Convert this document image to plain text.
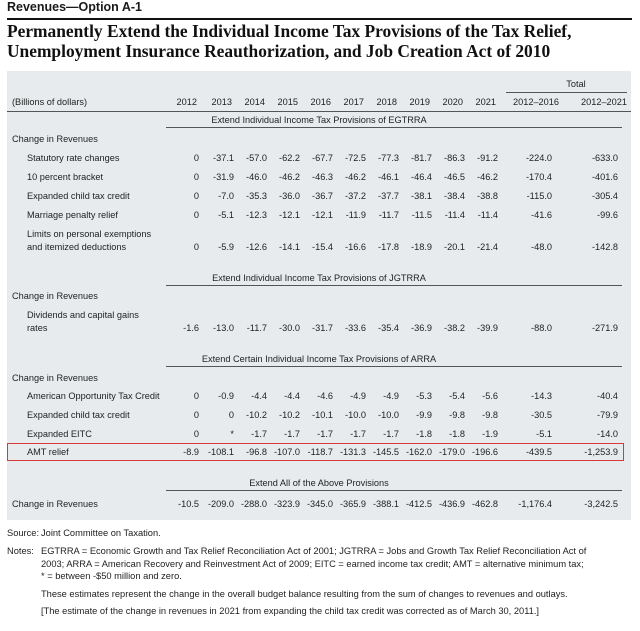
Revenues—Option A-1
Permanently Extend the Individual Income Tax Provisions of the Tax Relief,
Unemployment Insurance Reauthorization, and Job Creation Act of 2010
Total
(Billions of dollars)	2012	2013	2014	2015	2016	2017	2018	2019	2020	2021	2012–2016	2012–2021
Extend Individual Income Tax Provisions of EGTRRA
Change in Revenues
Statutory rate changes	0	-37.1	-57.0	-62.2	-67.7	-72.5	-77.3	-81.7	-86.3	-91.2	-224.0	-633.0
10 percent bracket	0	-31.9	-46.0	-46.2	-46.3	-46.2	-46.1	-46.4	-46.5	-46.2	-170.4	-401.6
Expanded child tax credit	0	-7.0	-35.3	-36.0	-36.7	-37.2	-37.7	-38.1	-38.4	-38.8	-115.0	-305.4
Marriage penalty relief	0	-5.1	-12.3	-12.1	-12.1	-11.9	-11.7	-11.5	-11.4	-11.4	-41.6	-99.6
Limits on personal exemptions
and itemized deductions	0	-5.9	-12.6	-14.1	-15.4	-16.6	-17.8	-18.9	-20.1	-21.4	-48.0	-142.8
Extend Individual Income Tax Provisions of JGTRRA
Change in Revenues
Dividends and capital gains
rates	-1.6	-13.0	-11.7	-30.0	-31.7	-33.6	-35.4	-36.9	-38.2	-39.9	-88.0	-271.9
Extend Certain Individual Income Tax Provisions of ARRA
Change in Revenues
American Opportunity Tax Credit	0	-0.9	-4.4	-4.4	-4.6	-4.9	-4.9	-5.3	-5.4	-5.6	-14.3	-40.4
Expanded child tax credit	0	0	-10.2	-10.2	-10.1	-10.0	-10.0	-9.9	-9.8	-9.8	-30.5	-79.9
Expanded EITC	0	*	-1.7	-1.7	-1.7	-1.7	-1.7	-1.8	-1.8	-1.9	-5.1	-14.0
AMT relief	-8.9 -108.1	-96.8 -107.0 -118.7 -131.3 -145.5 -162.0 -179.0 -196.6	-439.5	-1,253.9
Extend All of the Above Provisions
Change in Revenues	-10.5 -209.0 -288.0 -323.9 -345.0 -365.9 -388.1 -412.5 -436.9 -462.8	-1,176.4	-3,242.5
Source: Joint Committee on Taxation.
Notes: EGTRRA = Economic Growth and Tax Relief Reconciliation Act of 2001; JGTRRA = Jobs and Growth Tax Relief Reconciliation Act of
2003; ARRA = American Recovery and Reinvestment Act of 2009; EITC = earned income tax credit; AMT = alternative minimum tax;
* = between -$50 million and zero.
These estimates represent the change in the overall budget balance resulting from the sum of changes to revenues and outlays.
[The estimate of the change in revenues in 2021 from expanding the child tax credit was corrected as of March 30, 2011.]
